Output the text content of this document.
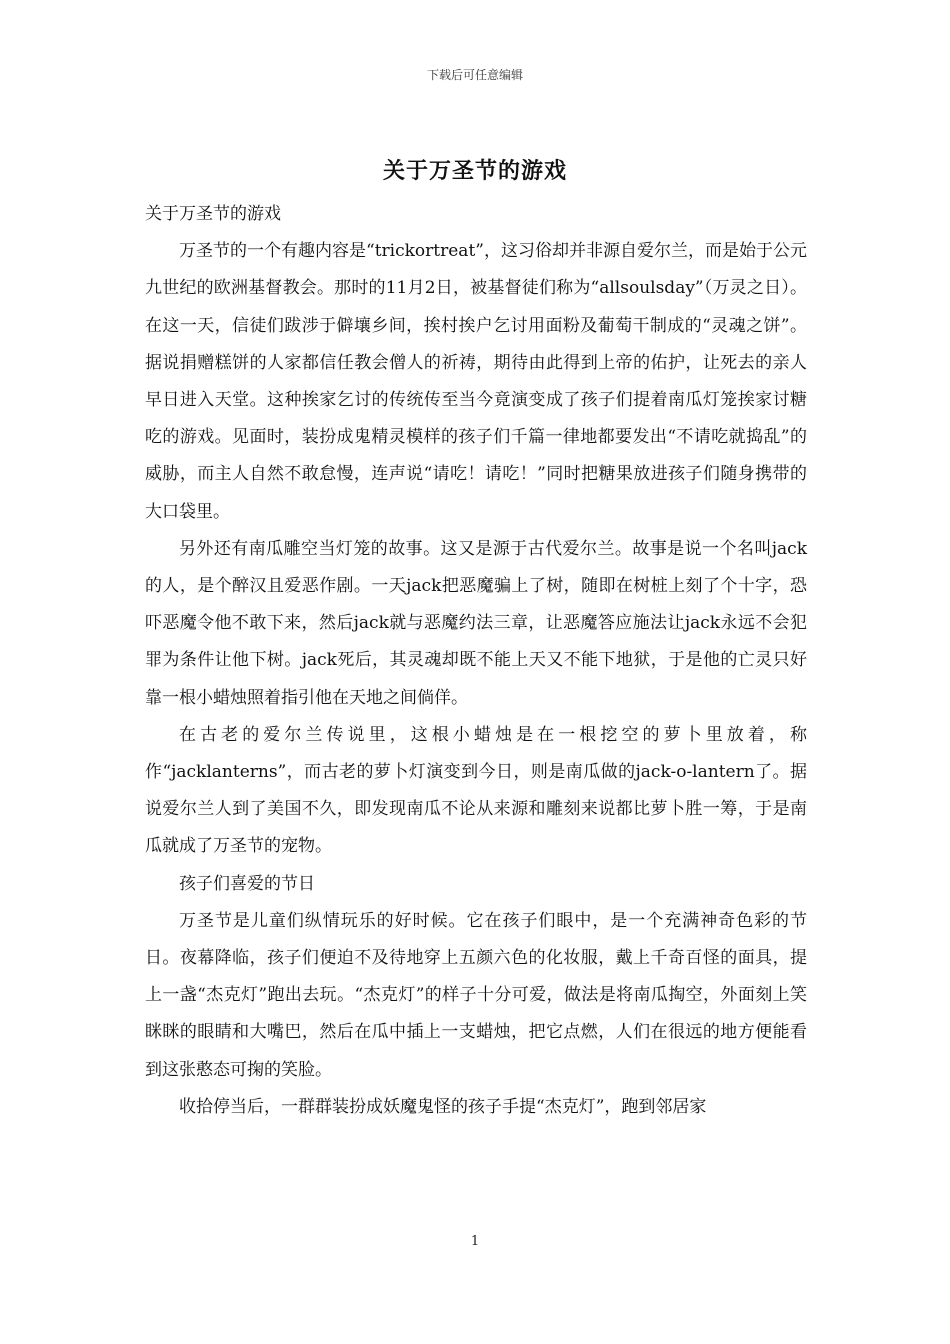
下载后可任意编辑
关于万圣节的游戏

关于万圣节的游戏

万圣节的一个有趣内容是“trickortreat”，这习俗却并非源自爱尔兰，而是始于公元九世纪的欧洲基督教会。那时的11月2日，被基督徒们称为“allsoulsday”（万灵之日）。在这一天，信徒们跋涉于僻壤乡间，挨村挨户乞讨用面粉及葡萄干制成的“灵魂之饼”。据说捐赠糕饼的人家都信任教会僧人的祈祷，期待由此得到上帝的佑护，让死去的亲人早日进入天堂。这种挨家乞讨的传统传至当今竟演变成了孩子们提着南瓜灯笼挨家讨糖吃的游戏。见面时，装扮成鬼精灵模样的孩子们千篇一律地都要发出“不请吃就捣乱”的威胁，而主人自然不敢怠慢，连声说“请吃！请吃！”同时把糖果放进孩子们随身携带的大口袋里。

另外还有南瓜雕空当灯笼的故事。这又是源于古代爱尔兰。故事是说一个名叫jack的人，是个醉汉且爱恶作剧。一天jack把恶魔骗上了树，随即在树桩上刻了个十字，恐吓恶魔令他不敢下来，然后jack就与恶魔约法三章，让恶魔答应施法让jack永远不会犯罪为条件让他下树。jack死后，其灵魂却既不能上天又不能下地狱，于是他的亡灵只好靠一根小蜡烛照着指引他在天地之间倘佯。

在古老的爱尔兰传说里，这根小蜡烛是在一根挖空的萝卜里放着，称作“jacklanterns”，而古老的萝卜灯演变到今日，则是南瓜做的jack-o-lantern了。据说爱尔兰人到了美国不久，即发现南瓜不论从来源和雕刻来说都比萝卜胜一筹，于是南瓜就成了万圣节的宠物。

孩子们喜爱的节日

万圣节是儿童们纵情玩乐的好时候。它在孩子们眼中，是一个充满神奇色彩的节日。夜幕降临，孩子们便迫不及待地穿上五颜六色的化妆服，戴上千奇百怪的面具，提上一盏“杰克灯”跑出去玩。“杰克灯”的样子十分可爱，做法是将南瓜掏空，外面刻上笑眯眯的眼睛和大嘴巴，然后在瓜中插上一支蜡烛，把它点燃，人们在很远的地方便能看到这张憨态可掬的笑脸。

收拾停当后，一群群装扮成妖魔鬼怪的孩子手提“杰克灯”，跑到邻居家

1
